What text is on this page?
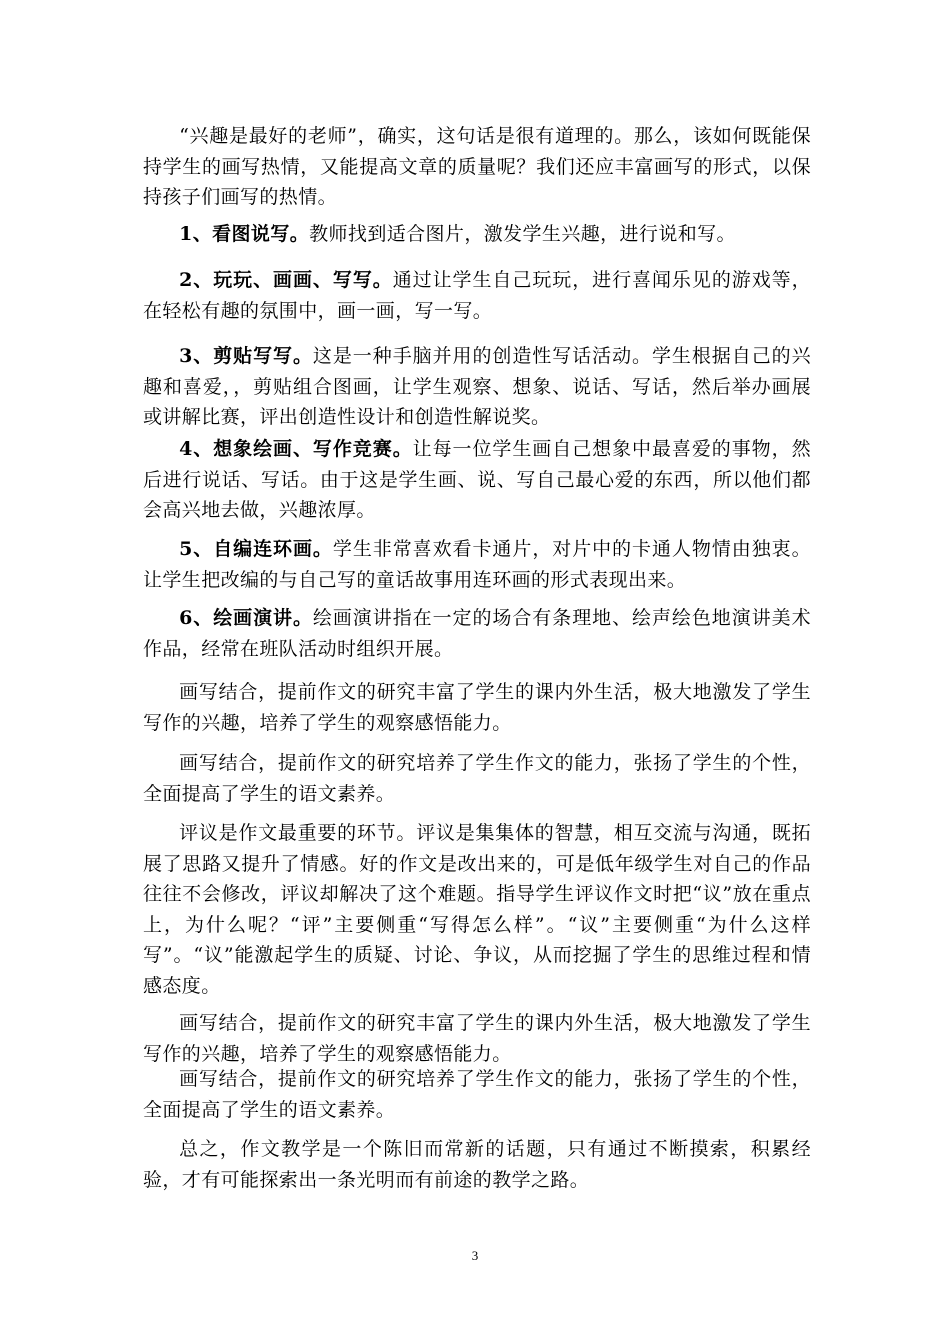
“兴趣是最好的老师”，确实，这句话是很有道理的。那么，该如何既能保持学生的画写热情，又能提高文章的质量呢？我们还应丰富画写的形式，以保持孩子们画写的热情。

1、看图说写。教师找到适合图片，激发学生兴趣，进行说和写。

2、玩玩、画画、写写。通过让学生自己玩玩，进行喜闻乐见的游戏等，在轻松有趣的氛围中，画一画，写一写。

3、剪贴写写。这是一种手脑并用的创造性写话活动。学生根据自己的兴趣和喜爱，，剪贴组合图画，让学生观察、想象、说话、写话，然后举办画展或讲解比赛，评出创造性设计和创造性解说奖。

4、想象绘画、写作竞赛。让每一位学生画自己想象中最喜爱的事物，然后进行说话、写话。由于这是学生画、说、写自己最心爱的东西，所以他们都会高兴地去做，兴趣浓厚。

5、自编连环画。学生非常喜欢看卡通片，对片中的卡通人物情由独衷。让学生把改编的与自己写的童话故事用连环画的形式表现出来。

6、绘画演讲。绘画演讲指在一定的场合有条理地、绘声绘色地演讲美术作品，经常在班队活动时组织开展。

画写结合，提前作文的研究丰富了学生的课内外生活，极大地激发了学生写作的兴趣，培养了学生的观察感悟能力。

画写结合，提前作文的研究培养了学生作文的能力，张扬了学生的个性，全面提高了学生的语文素养。

评议是作文最重要的环节。评议是集集体的智慧，相互交流与沟通，既拓展了思路又提升了情感。好的作文是改出来的，可是低年级学生对自己的作品往往不会修改，评议却解决了这个难题。指导学生评议作文时把“议”放在重点上，为什么呢？“评”主要侧重“写得怎么样”。“议”主要侧重“为什么这样写”。“议”能激起学生的质疑、讨论、争议，从而挖掘了学生的思维过程和情感态度。

画写结合，提前作文的研究丰富了学生的课内外生活，极大地激发了学生写作的兴趣，培养了学生的观察感悟能力。

画写结合，提前作文的研究培养了学生作文的能力，张扬了学生的个性，全面提高了学生的语文素养。

总之，作文教学是一个陈旧而常新的话题，只有通过不断摸索，积累经验，才有可能探索出一条光明而有前途的教学之路。

3
